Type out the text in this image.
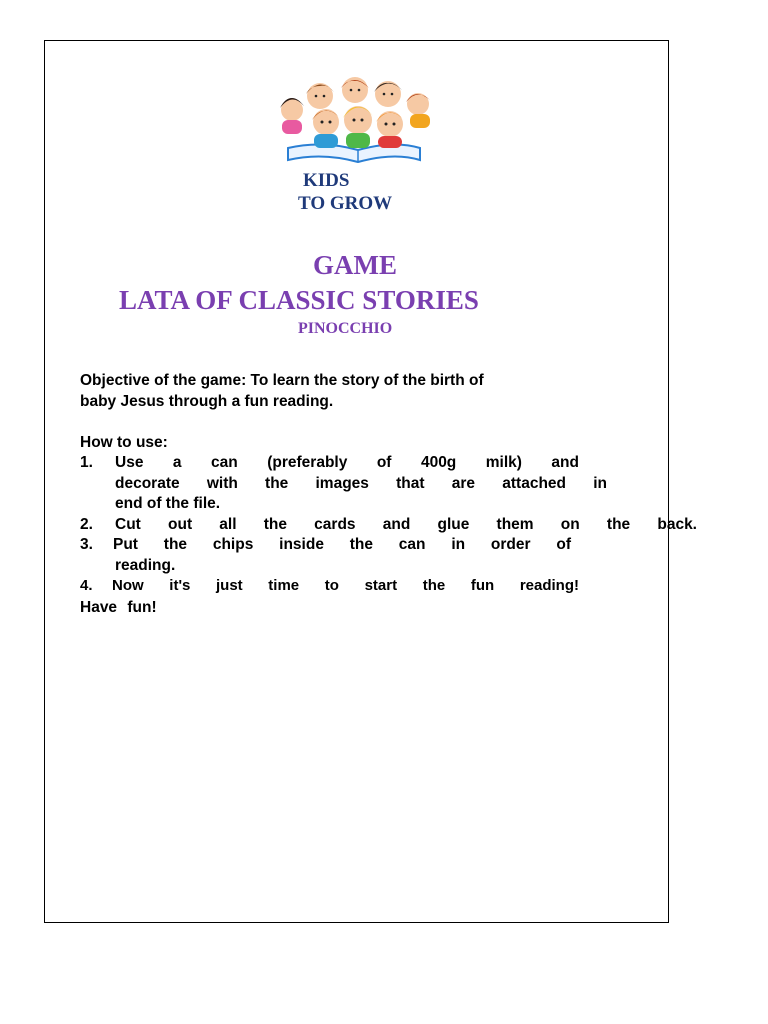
KIDS
TO GROW
GAME
LATA OF CLASSIC STORIES
PINOCCHIO
Objective of the game: To learn the story of the birth of
baby Jesus through a fun reading.
How to use:
1. Use a can (preferably of 400g milk) and
decorate with the images that are attached in
end of the file.
2. Cut out all the cards and glue them on the back.
3. Put the chips inside the can in order of
reading.
4. Now it's just time to start the fun reading!
Have fun!
